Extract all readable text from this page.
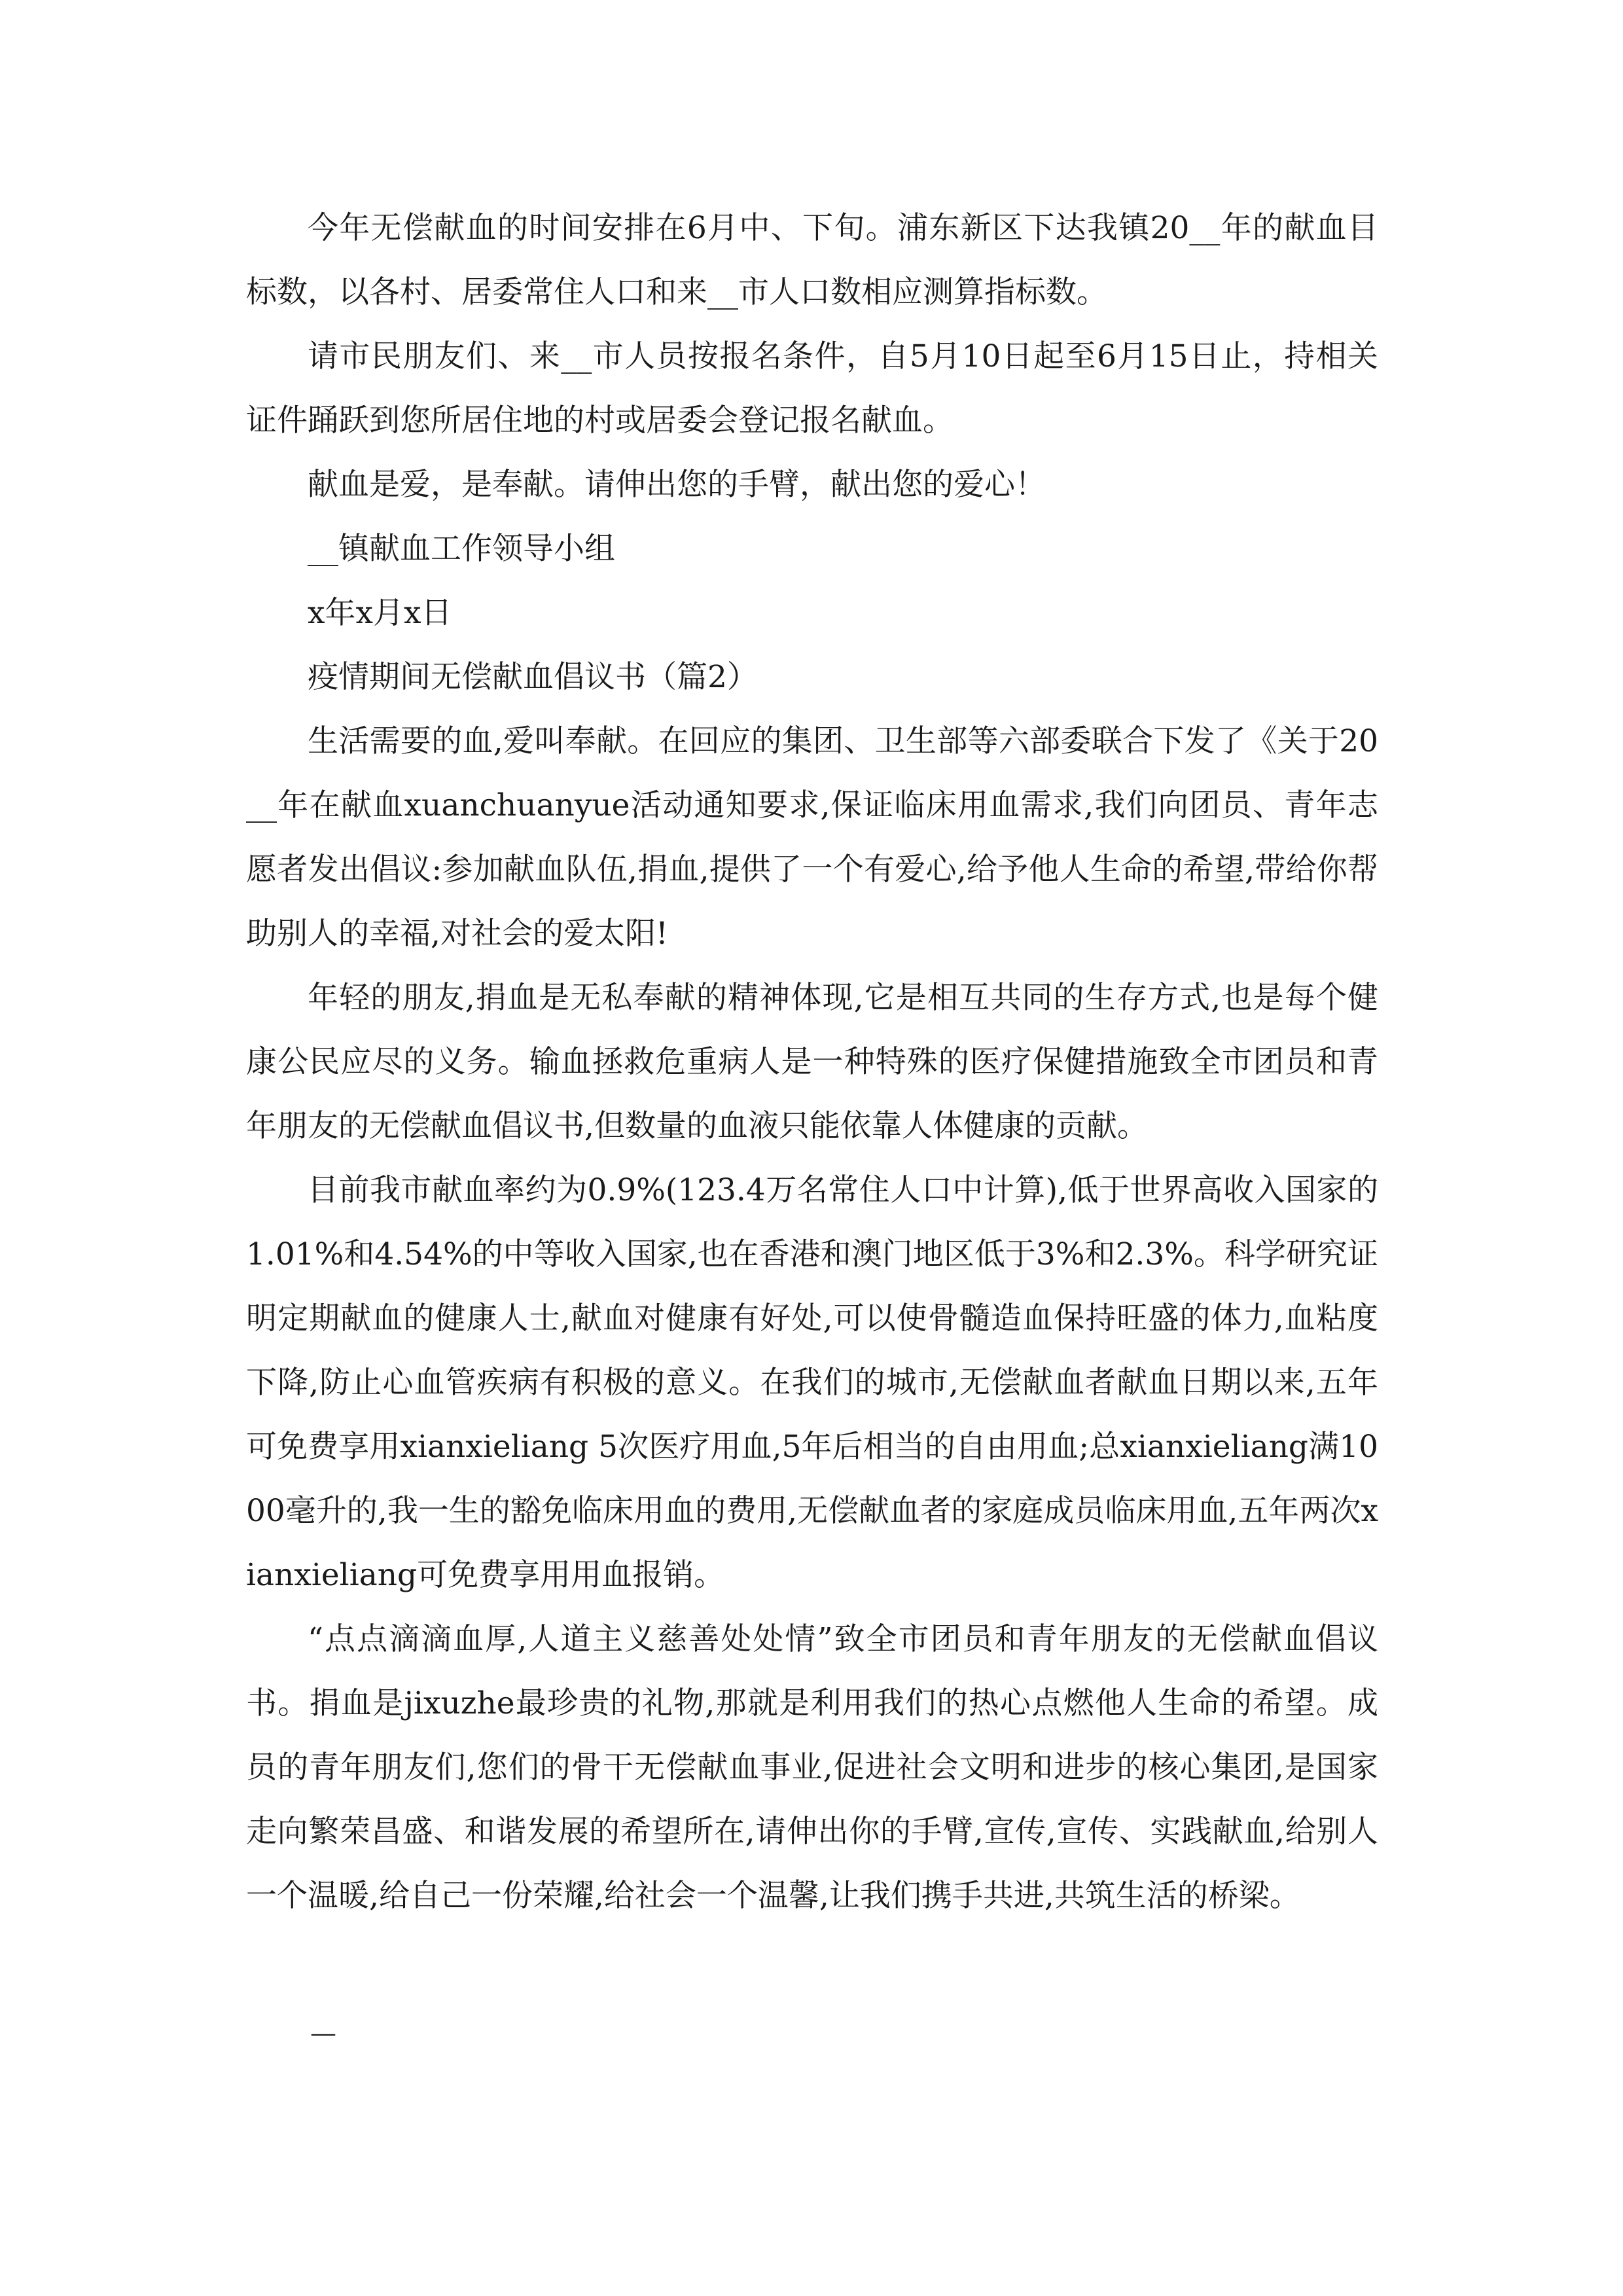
今年无偿献血的时间安排在6月中、下旬。浦东新区下达我镇20__年的献血目标数，以各村、居委常住人口和来__市人口数相应测算指标数。

请市民朋友们、来__市人员按报名条件，自5月10日起至6月15日止，持相关证件踊跃到您所居住地的村或居委会登记报名献血。

献血是爱，是奉献。请伸出您的手臂，献出您的爱心！

__镇献血工作领导小组

x年x月x日

疫情期间无偿献血倡议书（篇2）

生活需要的血,爱叫奉献。在回应的集团、卫生部等六部委联合下发了《关于20__年在献血xuanchuanyue活动通知要求,保证临床用血需求,我们向团员、青年志愿者发出倡议:参加献血队伍,捐血,提供了一个有爱心,给予他人生命的希望,带给你帮助别人的幸福,对社会的爱太阳!

年轻的朋友,捐血是无私奉献的精神体现,它是相互共同的生存方式,也是每个健康公民应尽的义务。输血拯救危重病人是一种特殊的医疗保健措施致全市团员和青年朋友的无偿献血倡议书,但数量的血液只能依靠人体健康的贡献。

目前我市献血率约为0.9%(123.4万名常住人口中计算),低于世界高收入国家的1.01%和4.54%的中等收入国家,也在香港和澳门地区低于3%和2.3%。科学研究证明定期献血的健康人士,献血对健康有好处,可以使骨髓造血保持旺盛的体力,血粘度下降,防止心血管疾病有积极的意义。在我们的城市,无偿献血者献血日期以来,五年可免费享用xianxieliang 5次医疗用血,5年后相当的自由用血;总xianxieliang满1000毫升的,我一生的豁免临床用血的费用,无偿献血者的家庭成员临床用血,五年两次xianxieliang可免费享用用血报销。

“点点滴滴血厚,人道主义慈善处处情”致全市团员和青年朋友的无偿献血倡议书。捐血是jixuzhe最珍贵的礼物,那就是利用我们的热心点燃他人生命的希望。成员的青年朋友们,您们的骨干无偿献血事业,促进社会文明和进步的核心集团,是国家走向繁荣昌盛、和谐发展的希望所在,请伸出你的手臂,宣传,宣传、实践献血,给别人一个温暖,给自己一份荣耀,给社会一个温馨,让我们携手共进,共筑生活的桥梁。

—
